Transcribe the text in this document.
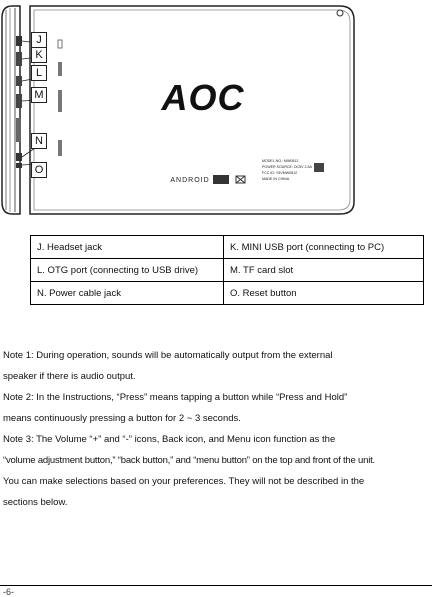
AOC
ANDROID
MODEL NO.: MW0812
POWER SOURCE: DC5V 2.5A
FCC ID: Y5VMW0812
MADE IN CHINA
J
K
L
M
N
O
J. Headset jack	K. MINI USB port (connecting to PC)
L. OTG port (connecting to USB drive)	M. TF card slot
N. Power cable jack	O. Reset button
Note 1: During operation, sounds will be automatically output from the external
speaker if there is audio output.
Note 2: In the Instructions, “Press” means tapping a button while “Press and Hold”
means continuously pressing a button for 2 ~ 3 seconds.
Note 3: The Volume “+” and “-” icons, Back icon, and Menu icon function as the
“volume adjustment button,” “back button,” and “menu button” on the top and front of the unit.
You can make selections based on your preferences. They will not be described in the
sections below.
-6-
